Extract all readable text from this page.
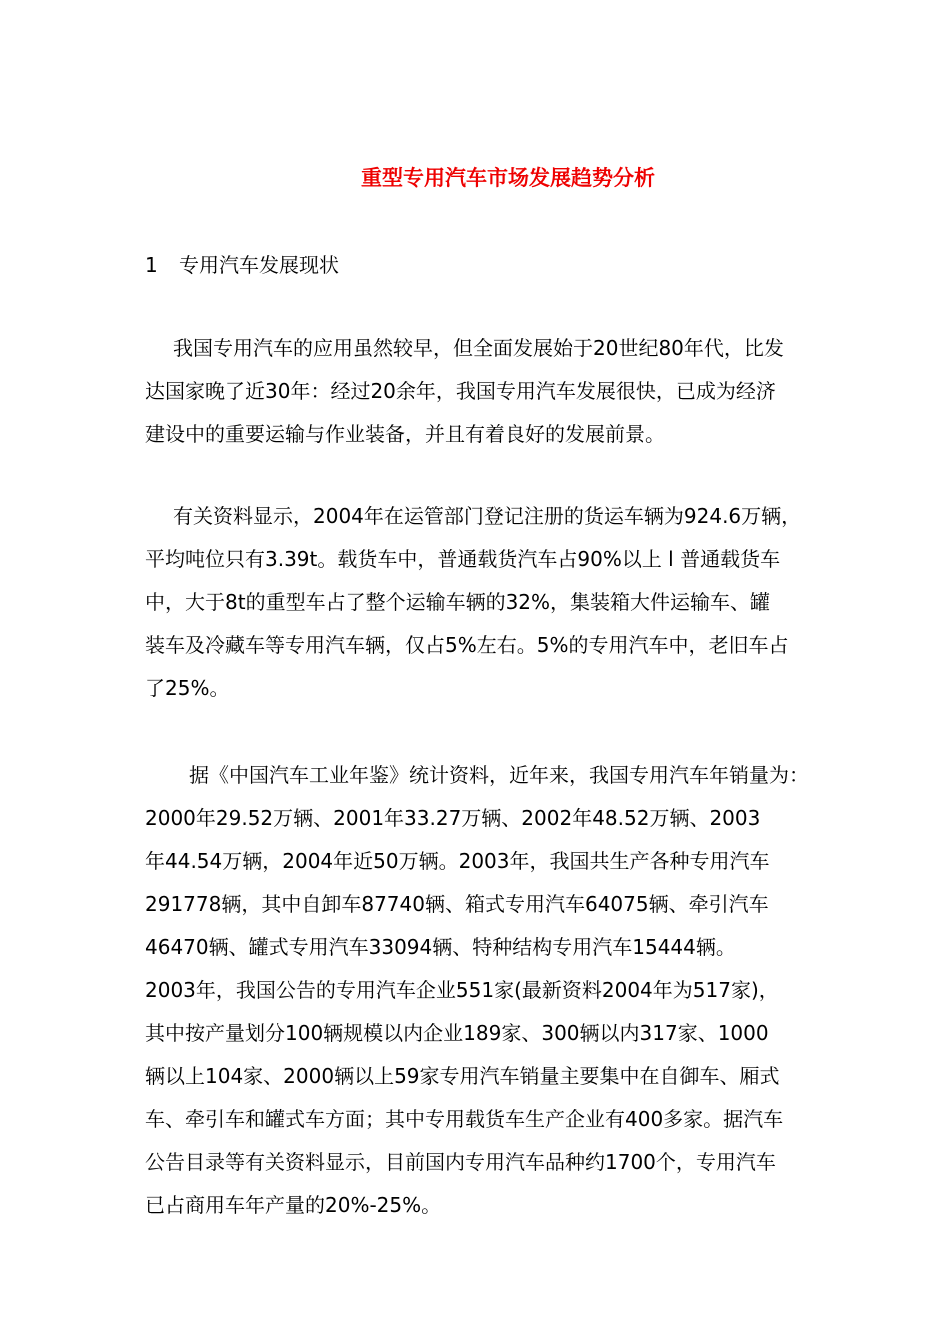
重型专用汽车市场发展趋势分析
1 专用汽车发展现状
我国专用汽车的应用虽然较早，但全面发展始于20世纪80年代，比发
达国家晚了近30年：经过20余年，我国专用汽车发展很快，已成为经济
建设中的重要运输与作业装备，并且有着良好的发展前景。
有关资料显示，2004年在运管部门登记注册的货运车辆为924.6万辆，
平均吨位只有3.39t。载货车中，普通载货汽车占90%以上 l 普通载货车
中，大于8t的重型车占了整个运输车辆的32%，集装箱大件运输车、罐
装车及冷藏车等专用汽车辆，仅占5%左右。5%的专用汽车中，老旧车占
了25%。
据《中国汽车工业年鉴》统计资料，近年来，我国专用汽车年销量为：
2000年29.52万辆、2001年33.27万辆、2002年48.52万辆、2003
年44.54万辆，2004年近50万辆。2003年，我国共生产各种专用汽车
291778辆，其中自卸车87740辆、箱式专用汽车64075辆、牵引汽车
46470辆、罐式专用汽车33094辆、特种结构专用汽车15444辆。
2003年，我国公告的专用汽车企业551家(最新资料2004年为517家)，
其中按产量划分100辆规模以内企业189家、300辆以内317家、1000
辆以上104家、2000辆以上59家专用汽车销量主要集中在自御车、厢式
车、牵引车和罐式车方面；其中专用载货车生产企业有400多家。据汽车
公告目录等有关资料显示，目前国内专用汽车品种约1700个，专用汽车
已占商用车年产量的20%-25%。
